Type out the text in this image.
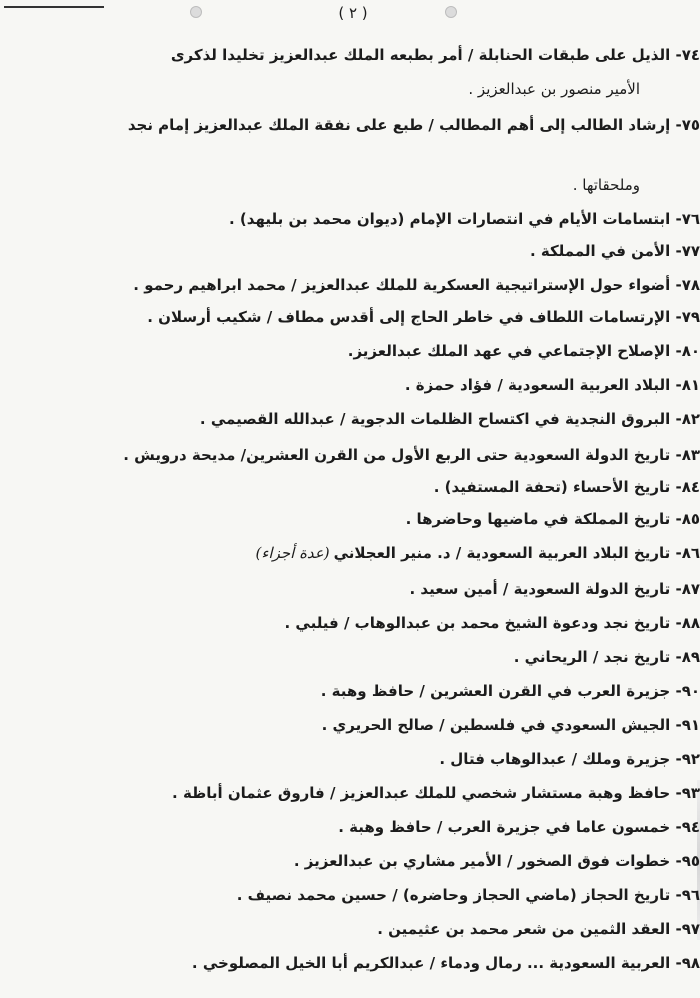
( ٢ )
٧٤- الذيل على طبقات الحنابلة / أمر بطبعه الملك عبدالعزيز تخليدا لذكرى
الأمير منصور بن عبدالعزيز .
٧٥- إرشاد الطالب إلى أهم المطالب / طبع على نفقة الملك عبدالعزيز إمام نجد
وملحقاتها .
٧٦- ابتسامات الأيام في انتصارات الإمام (ديوان محمد بن بليهد) .
٧٧- الأمن في المملكة .
٧٨- أضواء حول الإستراتيجية العسكرية للملك عبدالعزيز / محمد ابراهيم رحمو .
٧٩- الإرتسامات اللطاف في خاطر الحاج إلى أقدس مطاف / شكيب أرسلان .
٨٠- الإصلاح الإجتماعي في عهد الملك عبدالعزيز.
٨١- البلاد العربية السعودية / فؤاد حمزة .
٨٢- البروق النجدية في اكتساح الظلمات الدجوية / عبدالله القصيمي .
٨٣- تاريخ الدولة السعودية حتى الربع الأول من القرن العشرين/ مديحة درويش .
٨٤- تاريخ الأحساء (تحفة المستفيد) .
٨٥- تاريخ المملكة في ماضيها وحاضرها .
٨٦- تاريخ البلاد العربية السعودية / د. منير العجلاني(عدة أجزاء)
٨٧- تاريخ الدولة السعودية / أمين سعيد .
٨٨- تاريخ نجد ودعوة الشيخ محمد بن عبدالوهاب / فيلبي .
٨٩- تاريخ نجد / الريحاني .
٩٠- جزيرة العرب في القرن العشرين / حافظ وهبة .
٩١- الجيش السعودي في فلسطين / صالح الحريري .
٩٢- جزيرة وملك / عبدالوهاب فتال .
٩٣- حافظ وهبة مستشار شخصي للملك عبدالعزيز / فاروق عثمان أباظة .
٩٤- خمسون عاما في جزيرة العرب / حافظ وهبة .
٩٥- خطوات فوق الصخور / الأمير مشاري بن عبدالعزيز .
٩٦- تاريخ الحجاز (ماضي الحجاز وحاضره) / حسين محمد نصيف .
٩٧- العقد الثمين من شعر محمد بن عثيمين .
٩٨- العربية السعودية ... رمال ودماء / عبدالكريم أبا الخيل المصلوخي .
